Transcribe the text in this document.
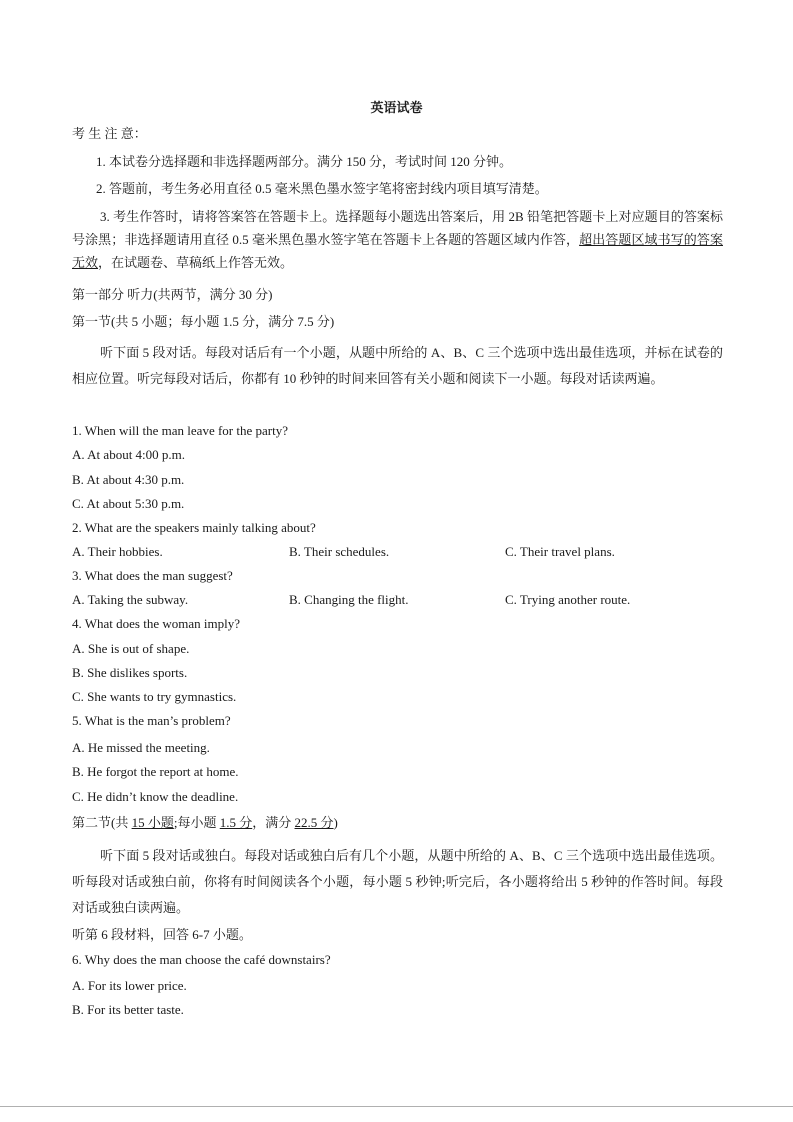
英语试卷
考 生 注 意：
1. 本试卷分选择题和非选择题两部分。满分 150 分，考试时间 120 分钟。
2. 答题前，考生务必用直径 0.5 毫米黑色墨水签字笔将密封线内项目填写清楚。
3. 考生作答时，请将答案答在答题卡上。选择题每小题选出答案后，用 2B 铅笔把答题卡上对应题目的答案标号涂黑；非选择题请用直径 0.5 毫米黑色墨水签字笔在答题卡上各题的答题区域内作答，超出答题区域书写的答案无效，在试题卷、草稿纸上作答无效。
第一部分 听力(共两节，满分 30 分)
第一节(共 5 小题；每小题 1.5 分，满分 7.5 分)
听下面 5 段对话。每段对话后有一个小题，从题中所给的 A、B、C 三个选项中选出最佳选项，并标在试卷的相应位置。听完每段对话后，你都有 10 秒钟的时间来回答有关小题和阅读下一小题。每段对话读两遍。
1. When will the man leave for the party?
A. At about 4:00 p.m.
B. At about 4:30 p.m.
C. At about 5:30 p.m.
2. What are the speakers mainly talking about?
A. Their hobbies.	B. Their schedules.	C. Their travel plans.
3. What does the man suggest?
A. Taking the subway.	B. Changing the flight.	C. Trying another route.
4. What does the woman imply?
A. She is out of shape.
B. She dislikes sports.
C. She wants to try gymnastics.
5. What is the man’s problem?
A. He missed the meeting.
B. He forgot the report at home.
C. He didn’t know the deadline.
第二节(共 15 小题;每小题 1.5 分，满分 22.5 分)
听下面 5 段对话或独白。每段对话或独白后有几个小题，从题中所给的 A、B、C 三个选项中选出最佳选项。听每段对话或独白前，你将有时间阅读各个小题，每小题 5 秒钟;听完后，各小题将给出 5 秒钟的作答时间。每段对话或独白读两遍。
听第 6 段材料，回答 6-7 小题。
6. Why does the man choose the café downstairs?
A. For its lower price.
B. For its better taste.
